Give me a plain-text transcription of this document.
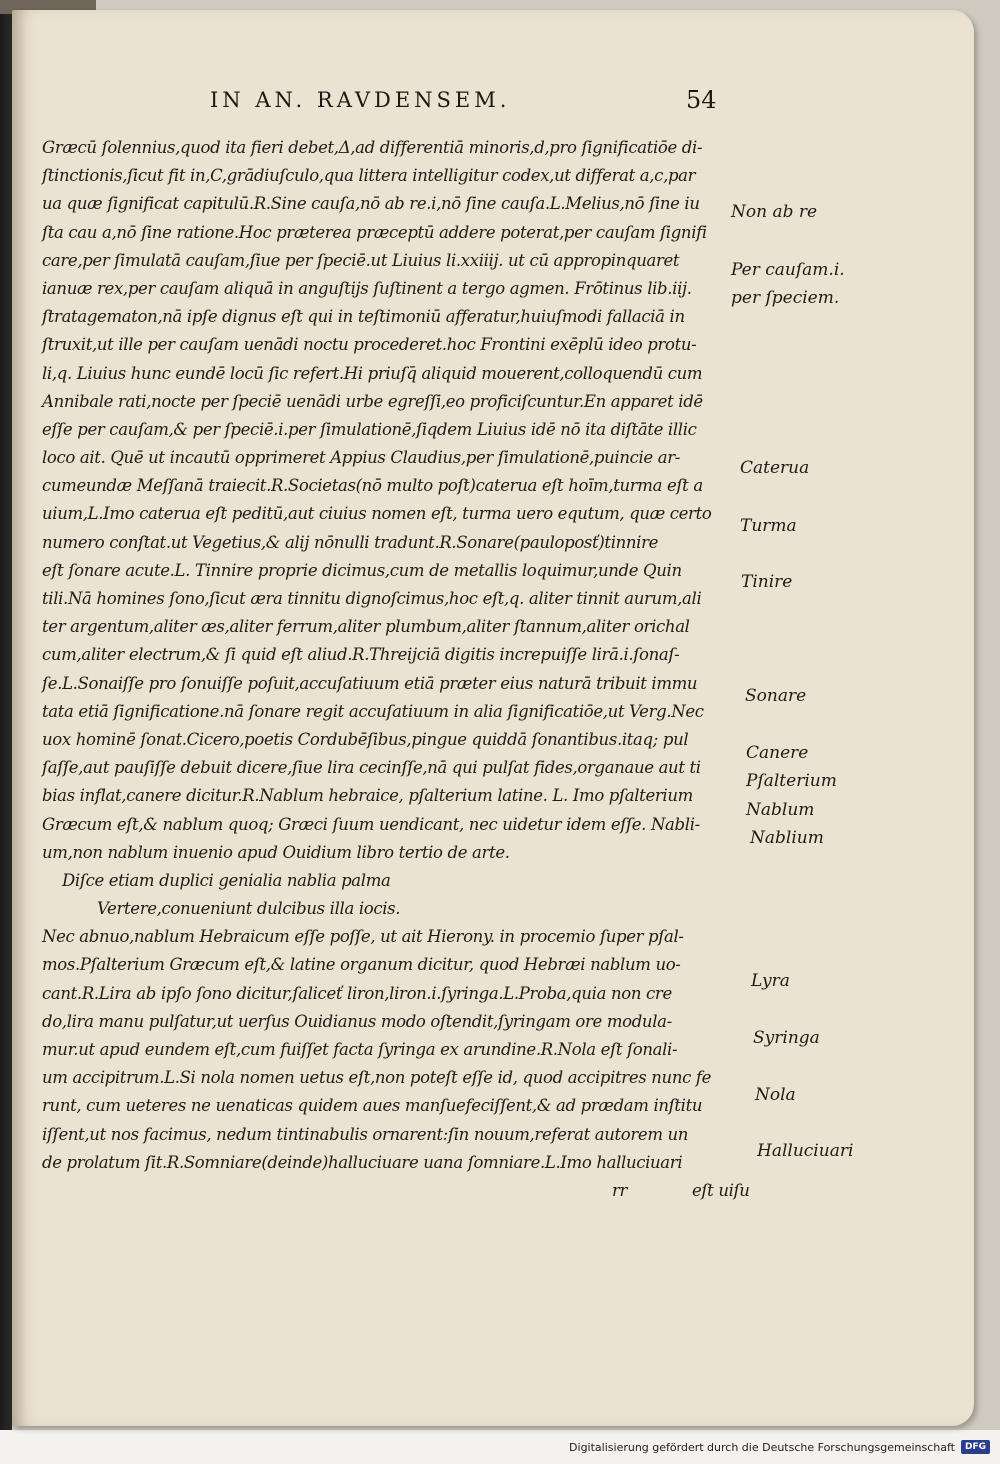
IN AN. RAVDENSEM.	54
Græcū ſolennius,quod ita fieri debet,Δ,ad differentiā minoris,d,pro ſignificatiōe di-
ſtinctionis,ſicut fit in,C,grādiuſculo,qua littera intelligitur codex,ut differat a,c,par
ua quæ ſignificat capitulū.R.Sine cauſa,nō ab re.i,nō ſine cauſa.L.Melius,nō ſine iu
ſta cau a,nō ſine ratione.Hoc præterea præceptū addere poterat,per cauſam ſignifi
care,per ſimulatā cauſam,ſiue per ſpeciē.ut Liuius li.xxiiij. ut cū appropinquaret
ianuæ rex,per cauſam aliquā in anguſtijs ſuſtinent a tergo agmen. Frōtinus lib.iij.
ſtratagematon,nā ipſe dignus eſt qui in teſtimoniū afferatur,huiuſmodi fallaciā in
ſtruxit,ut ille per cauſam uenādi noctu procederet.hoc Frontini exēplū ideo protu-
li,q. Liuius hunc eundē locū ſic refert.Hi priuſq̄ aliquid mouerent,colloquendū cum
Annibale rati,nocte per ſpeciē uenādi urbe egreſſi,eo proficiſcuntur.En apparet idē
eſſe per cauſam,& per ſpeciē.i.per ſimulationē,ſiqdem Liuius idē nō ita diſtāte illic
loco ait. Quē ut incautū opprimeret Appius Claudius,per ſimulationē,puincie ar-
cumeundæ Meſſanā traiecit.R.Societas(nō multo poſt)caterua eſt hoīm,turma eſt a
uium,L.Imo caterua eſt peditū,aut ciuius nomen eſt, turma uero equtum, quæ certo
numero conſtat.ut Vegetius,& alij nōnulli tradunt.R.Sonare(pauloposť)tinnire
eſt ſonare acute.L. Tinnire proprie dicimus,cum de metallis loquimur,unde Quin
tili.Nā homines ſono,ſicut æra tinnitu dignoſcimus,hoc eſt,q. aliter tinnit aurum,ali
ter argentum,aliter æs,aliter ferrum,aliter plumbum,aliter ſtannum,aliter orichal
cum,aliter electrum,& ſi quid eſt aliud.R.Threijciā digitis increpuiſſe lirā.i.ſonaſ-
ſe.L.Sonaiſſe pro ſonuiſſe poſuit,accuſatiuum etiā præter eius naturā tribuit immu
tata etiā ſignificatione.nā ſonare regit accuſatiuum in alia ſignificatiōe,ut Verg.Nec
uox hominē ſonat.Cicero,poetis Cordubēſibus,pingue quiddā ſonantibus.itaq; pul
ſaſſe,aut pauſiſſe debuit dicere,ſiue lira cecinſſe,nā qui pulſat fides,organaue aut ti
bias inflat,canere dicitur.R.Nablum hebraice, pſalterium latine. L. Imo pſalterium
Græcum eſt,& nablum quoq; Græci ſuum uendicant, nec uidetur idem eſſe. Nabli-
um,non nablum inuenio apud Ouidium libro tertio de arte.
Diſce etiam duplici genialia nablia palma
Vertere,conueniunt dulcibus illa iocis.
Nec abnuo,nablum Hebraicum eſſe poſſe, ut ait Hierony. in procemio ſuper pſal-
mos.Pſalterium Græcum eſt,& latine organum dicitur, quod Hebræi nablum uo-
cant.R.Lira ab ipſo ſono dicitur,ſaliceť liron,liron.i.ſyringa.L.Proba,quia non cre
do,lira manu pulſatur,ut uerſus Ouidianus modo oſtendit,ſyringam ore modula-
mur.ut apud eundem eſt,cum fuiſſet facta ſyringa ex arundine.R.Nola eſt ſonali-
um accipitrum.L.Si nola nomen uetus eſt,non poteſt eſſe id, quod accipitres nunc fe
runt, cum ueteres ne uenaticas quidem aues manſuefeciſſent,& ad prædam inſtitu
iſſent,ut nos facimus, nedum tintinabulis ornarent:ſin nouum,referat autorem un
de prolatum ſit.R.Somniare(deinde)halluciuare uana ſomniare.L.Imo halluciuari
rr	eſt uiſu
Non ab re
Per cauſam.i.
per ſpeciem.
Caterua
Turma
Tinire
Sonare
Canere
Pſalterium
Nablum
Nablium
Lyra
Syringa
Nola
Halluciuari
Digitalisierung gefördert durch die Deutsche Forschungsgemeinschaft	DFG
